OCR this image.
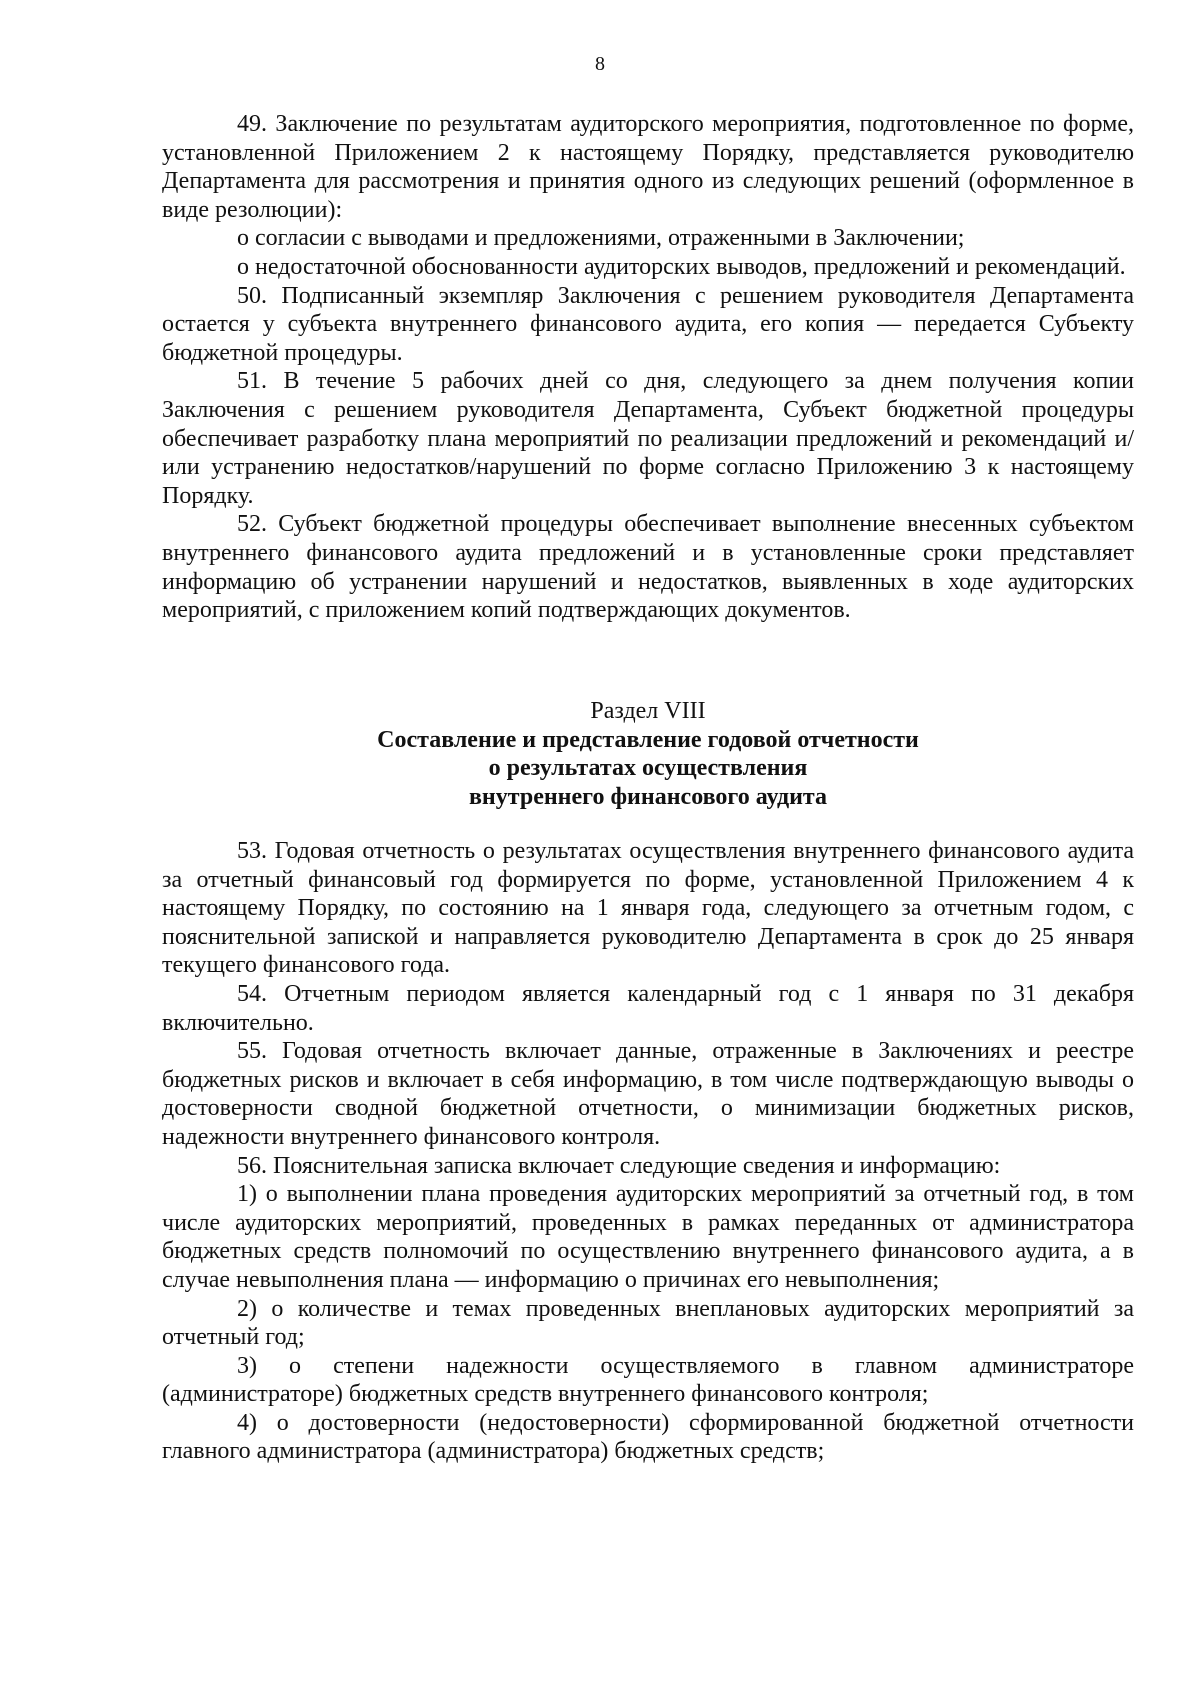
8

49. Заключение по результатам аудиторского мероприятия, подготовленное по форме, установленной Приложением 2 к настоящему Порядку, представляется руководителю Департамента для рассмотрения и принятия одного из следующих решений (оформленное в виде резолюции):

о согласии с выводами и предложениями, отраженными в Заключении;

о недостаточной обоснованности аудиторских выводов, предложений и рекомендаций.

50. Подписанный экземпляр Заключения с решением руководителя Департамента остается у субъекта внутреннего финансового аудита, его копия — передается Субъекту бюджетной процедуры.

51. В течение 5 рабочих дней со дня, следующего за днем получения копии Заключения с решением руководителя Департамента, Субъект бюджетной процедуры обеспечивает разработку плана мероприятий по реализации предложений и рекомендаций и/или устранению недостатков/нарушений по форме согласно Приложению 3 к настоящему Порядку.

52. Субъект бюджетной процедуры обеспечивает выполнение внесенных субъектом внутреннего финансового аудита предложений и в установленные сроки представляет информацию об устранении нарушений и недостатков, выявленных в ходе аудиторских мероприятий, с приложением копий подтверждающих документов.

Раздел VIII
Составление и представление годовой отчетности
о результатах осуществления
внутреннего финансового аудита

53. Годовая отчетность о результатах осуществления внутреннего финансового аудита за отчетный финансовый год формируется по форме, установленной Приложением 4 к настоящему Порядку, по состоянию на 1 января года, следующего за отчетным годом, с пояснительной запиской и направляется руководителю Департамента в срок до 25 января текущего финансового года.

54. Отчетным периодом является календарный год с 1 января по 31 декабря включительно.

55. Годовая отчетность включает данные, отраженные в Заключениях и реестре бюджетных рисков и включает в себя информацию, в том числе подтверждающую выводы о достоверности сводной бюджетной отчетности, о минимизации бюджетных рисков, надежности внутреннего финансового контроля.

56. Пояснительная записка включает следующие сведения и информацию:

1) о выполнении плана проведения аудиторских мероприятий за отчетный год, в том числе аудиторских мероприятий, проведенных в рамках переданных от администратора бюджетных средств полномочий по осуществлению внутреннего финансового аудита, а в случае невыполнения плана — информацию о причинах его невыполнения;

2) о количестве и темах проведенных внеплановых аудиторских мероприятий за отчетный год;

3) о степени надежности осуществляемого в главном администраторе (администраторе) бюджетных средств внутреннего финансового контроля;

4) о достоверности (недостоверности) сформированной бюджетной отчетности главного администратора (администратора) бюджетных средств;
